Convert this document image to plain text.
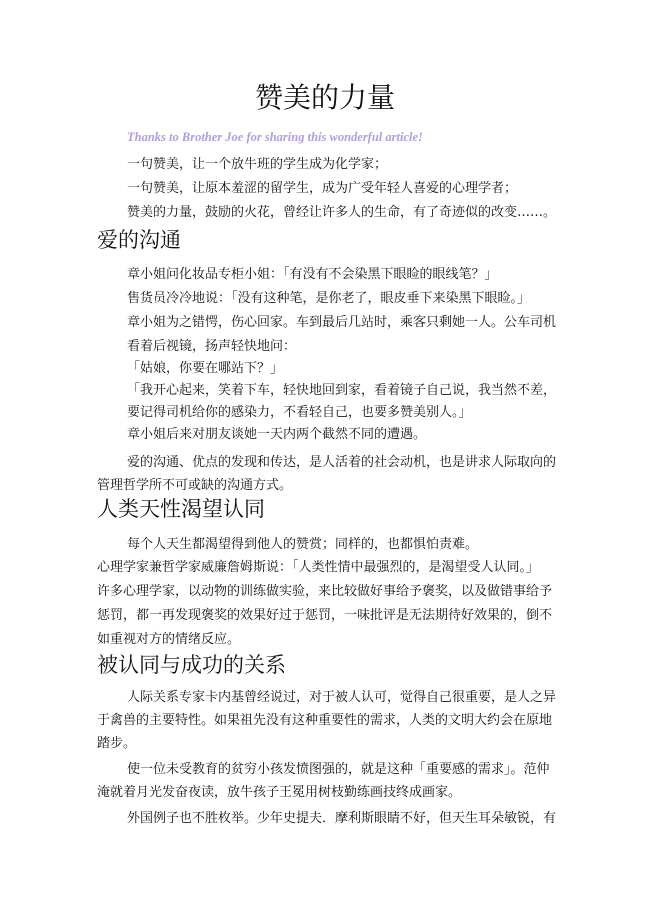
赞美的力量

Thanks to Brother Joe for sharing this wonderful article!

一句赞美，让一个放牛班的学生成为化学家；

一句赞美，让原本羞涩的留学生，成为广受年轻人喜爱的心理学者；

赞美的力量，鼓励的火花，曾经让许多人的生命，有了奇迹似的改变……。

爱的沟通

章小姐问化妆品专柜小姐：「有没有不会染黑下眼睑的眼线笔？」

售货员冷冷地说：「没有这种笔，是你老了，眼皮垂下来染黑下眼睑。」

章小姐为之错愕，伤心回家。车到最后几站时，乘客只剩她一人。公车司机

看着后视镜，扬声轻快地问：

「姑娘，你要在哪站下？」

「我开心起来，笑着下车，轻快地回到家，看着镜子自己说，我当然不差，

要记得司机给你的感染力，不看轻自己，也要多赞美别人。」

章小姐后来对朋友谈她一天内两个截然不同的遭遇。

爱的沟通、优点的发现和传达，是人活着的社会动机，也是讲求人际取向的

管理哲学所不可或缺的沟通方式。

人类天性渴望认同

每个人天生都渴望得到他人的赞赏；同样的，也都惧怕责难。

心理学家兼哲学家威廉詹姆斯说：「人类性情中最强烈的，是渴望受人认同。」

许多心理学家，以动物的训练做实验，来比较做好事给予褒奖，以及做错事给予

惩罚，都一再发现褒奖的效果好过于惩罚，一味批评是无法期待好效果的，倒不

如重视对方的情绪反应。

被认同与成功的关系

人际关系专家卡内基曾经说过，对于被人认可，觉得自己很重要，是人之异

于禽兽的主要特性。如果祖先没有这种重要性的需求，人类的文明大约会在原地

踏步。

使一位未受教育的贫穷小孩发愤图强的，就是这种「重要感的需求」。范仲

淹就着月光发奋夜读，放牛孩子王冕用树枝勤练画技终成画家。

外国例子也不胜枚举。少年史提夫．摩利斯眼睛不好，但天生耳朵敏锐，有
